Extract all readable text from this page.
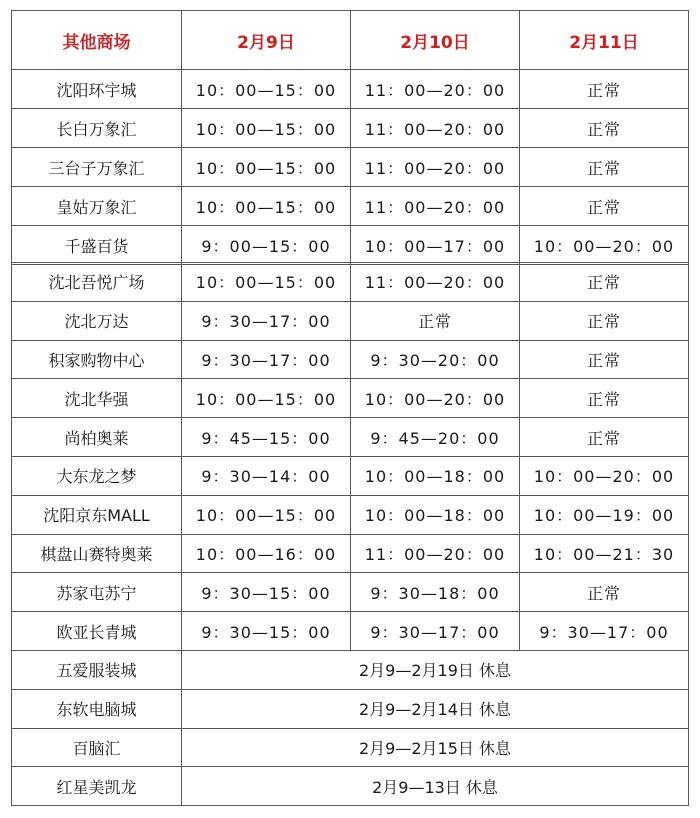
其他商场	2月9日	2月10日	2月11日
沈阳环宇城	10：00—15：00	11：00—20：00	正常
长白万象汇	10：00—15：00	11：00—20：00	正常
三台子万象汇	10：00—15：00	11：00—20：00	正常
皇姑万象汇	10：00—15：00	11：00—20：00	正常
千盛百货	9：00—15：00	10：00—17：00	10：00—20：00
沈北吾悦广场	10：00—15：00	11：00—20：00	正常
沈北万达	9：30—17：00	正常	正常
积家购物中心	9：30—17：00	9：30—20：00	正常
沈北华强	10：00—15：00	10：00—20：00	正常
尚柏奥莱	9：45—15：00	9：45—20：00	正常
大东龙之梦	9：30—14：00	10：00—18：00	10：00—20：00
沈阳京东MALL	10：00—15：00	10：00—18：00	10：00—19：00
棋盘山赛特奥莱	10：00—16：00	11：00—20：00	10：00—21：30
苏家屯苏宁	9：30—15：00	9：30—18：00	正常
欧亚长青城	9：30—15：00	9：30—17：00	9：30—17：00
五爱服装城	2月9—2月19日 休息		
东软电脑城	2月9—2月14日 休息		
百脑汇	2月9—2月15日 休息		
红星美凯龙	2月9—13日 休息		
